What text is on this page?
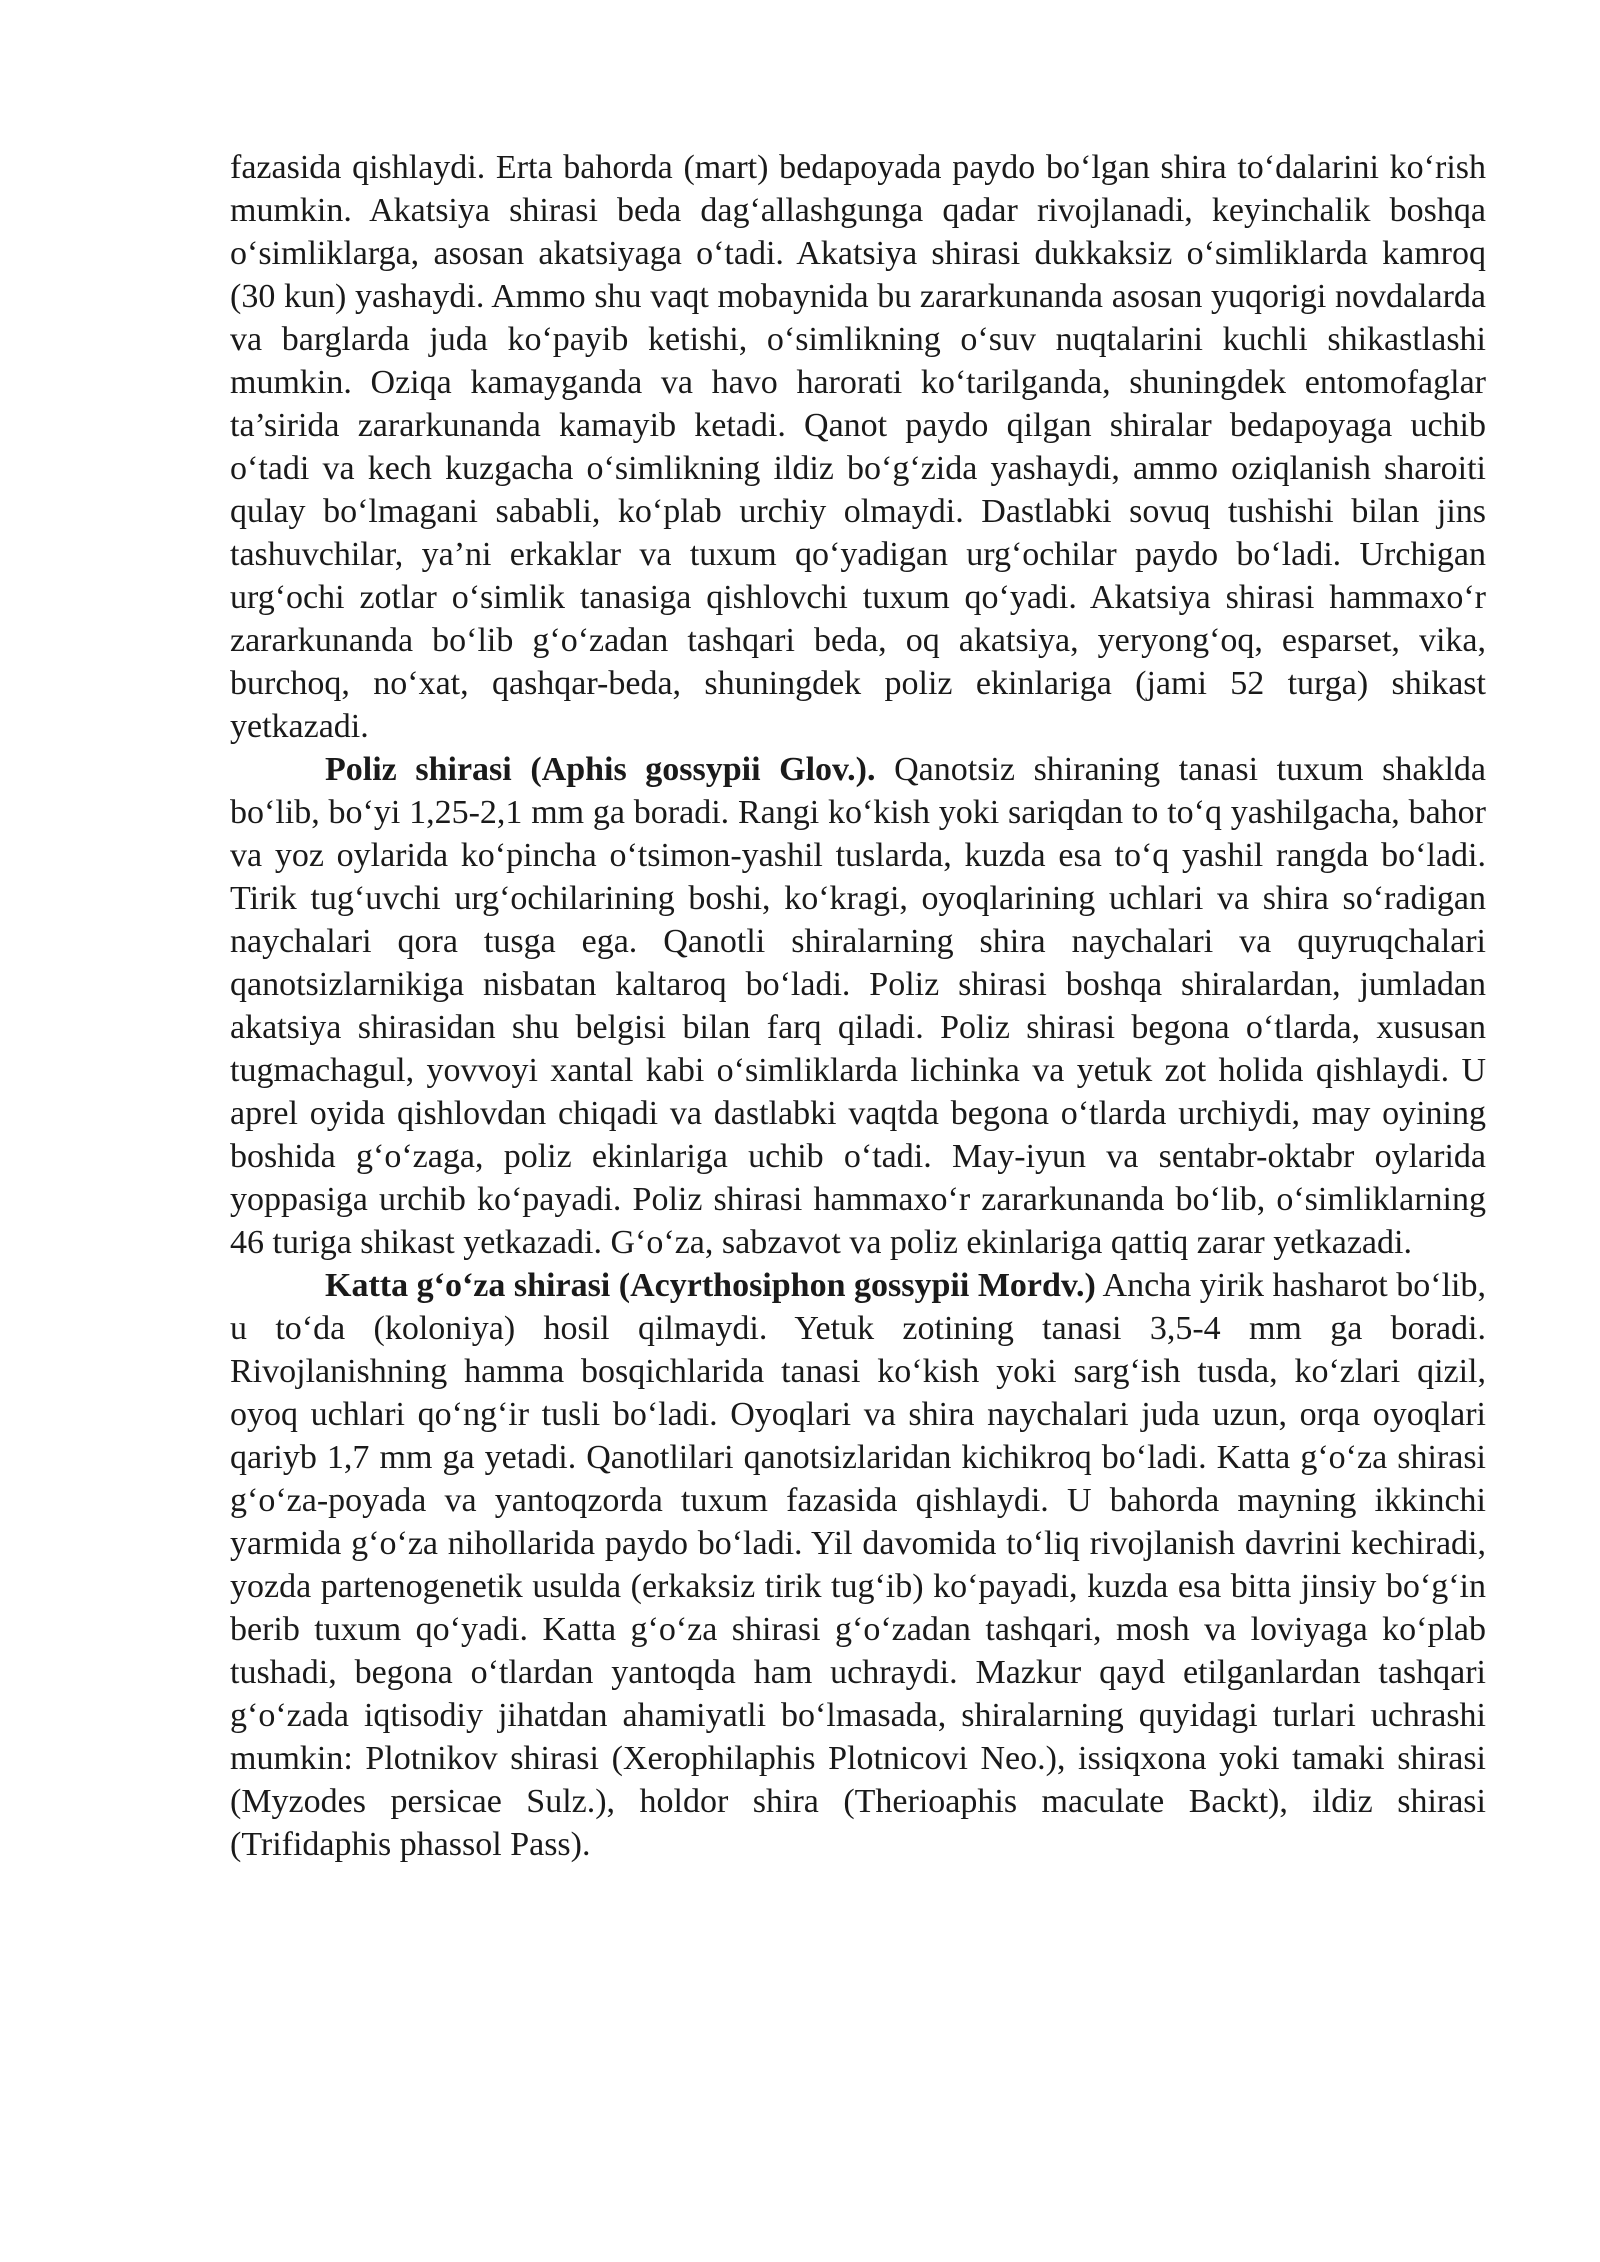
fazasida qishlaydi. Erta bahorda (mart) bedapoyada paydo bo‘lgan shira to‘dalarini ko‘rish mumkin. Akatsiya shirasi beda dag‘allashgunga qadar rivojlanadi, keyinchalik boshqa o‘simliklarga, asosan akatsiyaga o‘tadi. Akatsiya shirasi dukkaksiz o‘simliklarda kamroq (30 kun) yashaydi. Ammo shu vaqt mobaynida bu zararkunanda asosan yuqorigi novdalarda va barglarda juda ko‘payib ketishi, o‘simlikning o‘suv nuqtalarini kuchli shikastlashi mumkin. Oziqa kamayganda va havo harorati ko‘tarilganda, shuningdek entomofaglar ta’sirida zararkunanda kamayib ketadi. Qanot paydo qilgan shiralar bedapoyaga uchib o‘tadi va kech kuzgacha o‘simlikning ildiz bo‘g‘zida yashaydi, ammo oziqlanish sharoiti qulay bo‘lmagani sababli, ko‘plab urchiy olmaydi. Dastlabki sovuq tushishi bilan jins tashuvchilar, ya’ni erkaklar va tuxum qo‘yadigan urg‘ochilar paydo bo‘ladi. Urchigan urg‘ochi zotlar o‘simlik tanasiga qishlovchi tuxum qo‘yadi. Akatsiya shirasi hammaxo‘r zararkunanda bo‘lib g‘o‘zadan tashqari beda, oq akatsiya, yeryong‘oq, esparset, vika, burchoq, no‘xat, qashqar-beda, shuningdek poliz ekinlariga (jami 52 turga) shikast yetkazadi.

Poliz shirasi (Aphis gossypii Glov.). Qanotsiz shiraning tanasi tuxum shaklda bo‘lib, bo‘yi 1,25-2,1 mm ga boradi. Rangi ko‘kish yoki sariqdan to to‘q yashilgacha, bahor va yoz oylarida ko‘pincha o‘tsimon-yashil tuslarda, kuzda esa to‘q yashil rangda bo‘ladi. Tirik tug‘uvchi urg‘ochilarining boshi, ko‘kragi, oyoqlarining uchlari va shira so‘radigan naychalari qora tusga ega. Qanotli shiralarning shira naychalari va quyruqchalari qanotsizlarnikiga nisbatan kaltaroq bo‘ladi. Poliz shirasi boshqa shiralardan, jumladan akatsiya shirasidan shu belgisi bilan farq qiladi. Poliz shirasi begona o‘tlarda, xususan tugmachagul, yovvoyi xantal kabi o‘simliklarda lichinka va yetuk zot holida qishlaydi. U aprel oyida qishlovdan chiqadi va dastlabki vaqtda begona o‘tlarda urchiydi, may oyining boshida g‘o‘zaga, poliz ekinlariga uchib o‘tadi. May-iyun va sentabr-oktabr oylarida yoppasiga urchib ko‘payadi. Poliz shirasi hammaxo‘r zararkunanda bo‘lib, o‘simliklarning 46 turiga shikast yetkazadi. G‘o‘za, sabzavot va poliz ekinlariga qattiq zarar yetkazadi.

Katta g‘o‘za shirasi (Acyrthosiphon gossypii Mordv.) Ancha yirik hasharot bo‘lib, u to‘da (koloniya) hosil qilmaydi. Yetuk zotining tanasi 3,5-4 mm ga boradi. Rivojlanishning hamma bosqichlarida tanasi ko‘kish yoki sarg‘ish tusda, ko‘zlari qizil, oyoq uchlari qo‘ng‘ir tusli bo‘ladi. Oyoqlari va shira naychalari juda uzun, orqa oyoqlari qariyb 1,7 mm ga yetadi. Qanotlilari qanotsizlaridan kichikroq bo‘ladi. Katta g‘o‘za shirasi g‘o‘za-poyada va yantoqzorda tuxum fazasida qishlaydi. U bahorda mayning ikkinchi yarmida g‘o‘za nihollarida paydo bo‘ladi. Yil davomida to‘liq rivojlanish davrini kechiradi, yozda partenogenetik usulda (erkaksiz tirik tug‘ib) ko‘payadi, kuzda esa bitta jinsiy bo‘g‘in berib tuxum qo‘yadi. Katta g‘o‘za shirasi g‘o‘zadan tashqari, mosh va loviyaga ko‘plab tushadi, begona o‘tlardan yantoqda ham uchraydi. Mazkur qayd etilganlardan tashqari g‘o‘zada iqtisodiy jihatdan ahamiyatli bo‘lmasada, shiralarning quyidagi turlari uchrashi mumkin: Plotnikov shirasi (Xerophilaphis Plotnicovi Neo.), issiqxona yoki tamaki shirasi (Myzodes persicae Sulz.), holdor shira (Therioaphis maculate Backt), ildiz shirasi (Trifidaphis phassol Pass).
